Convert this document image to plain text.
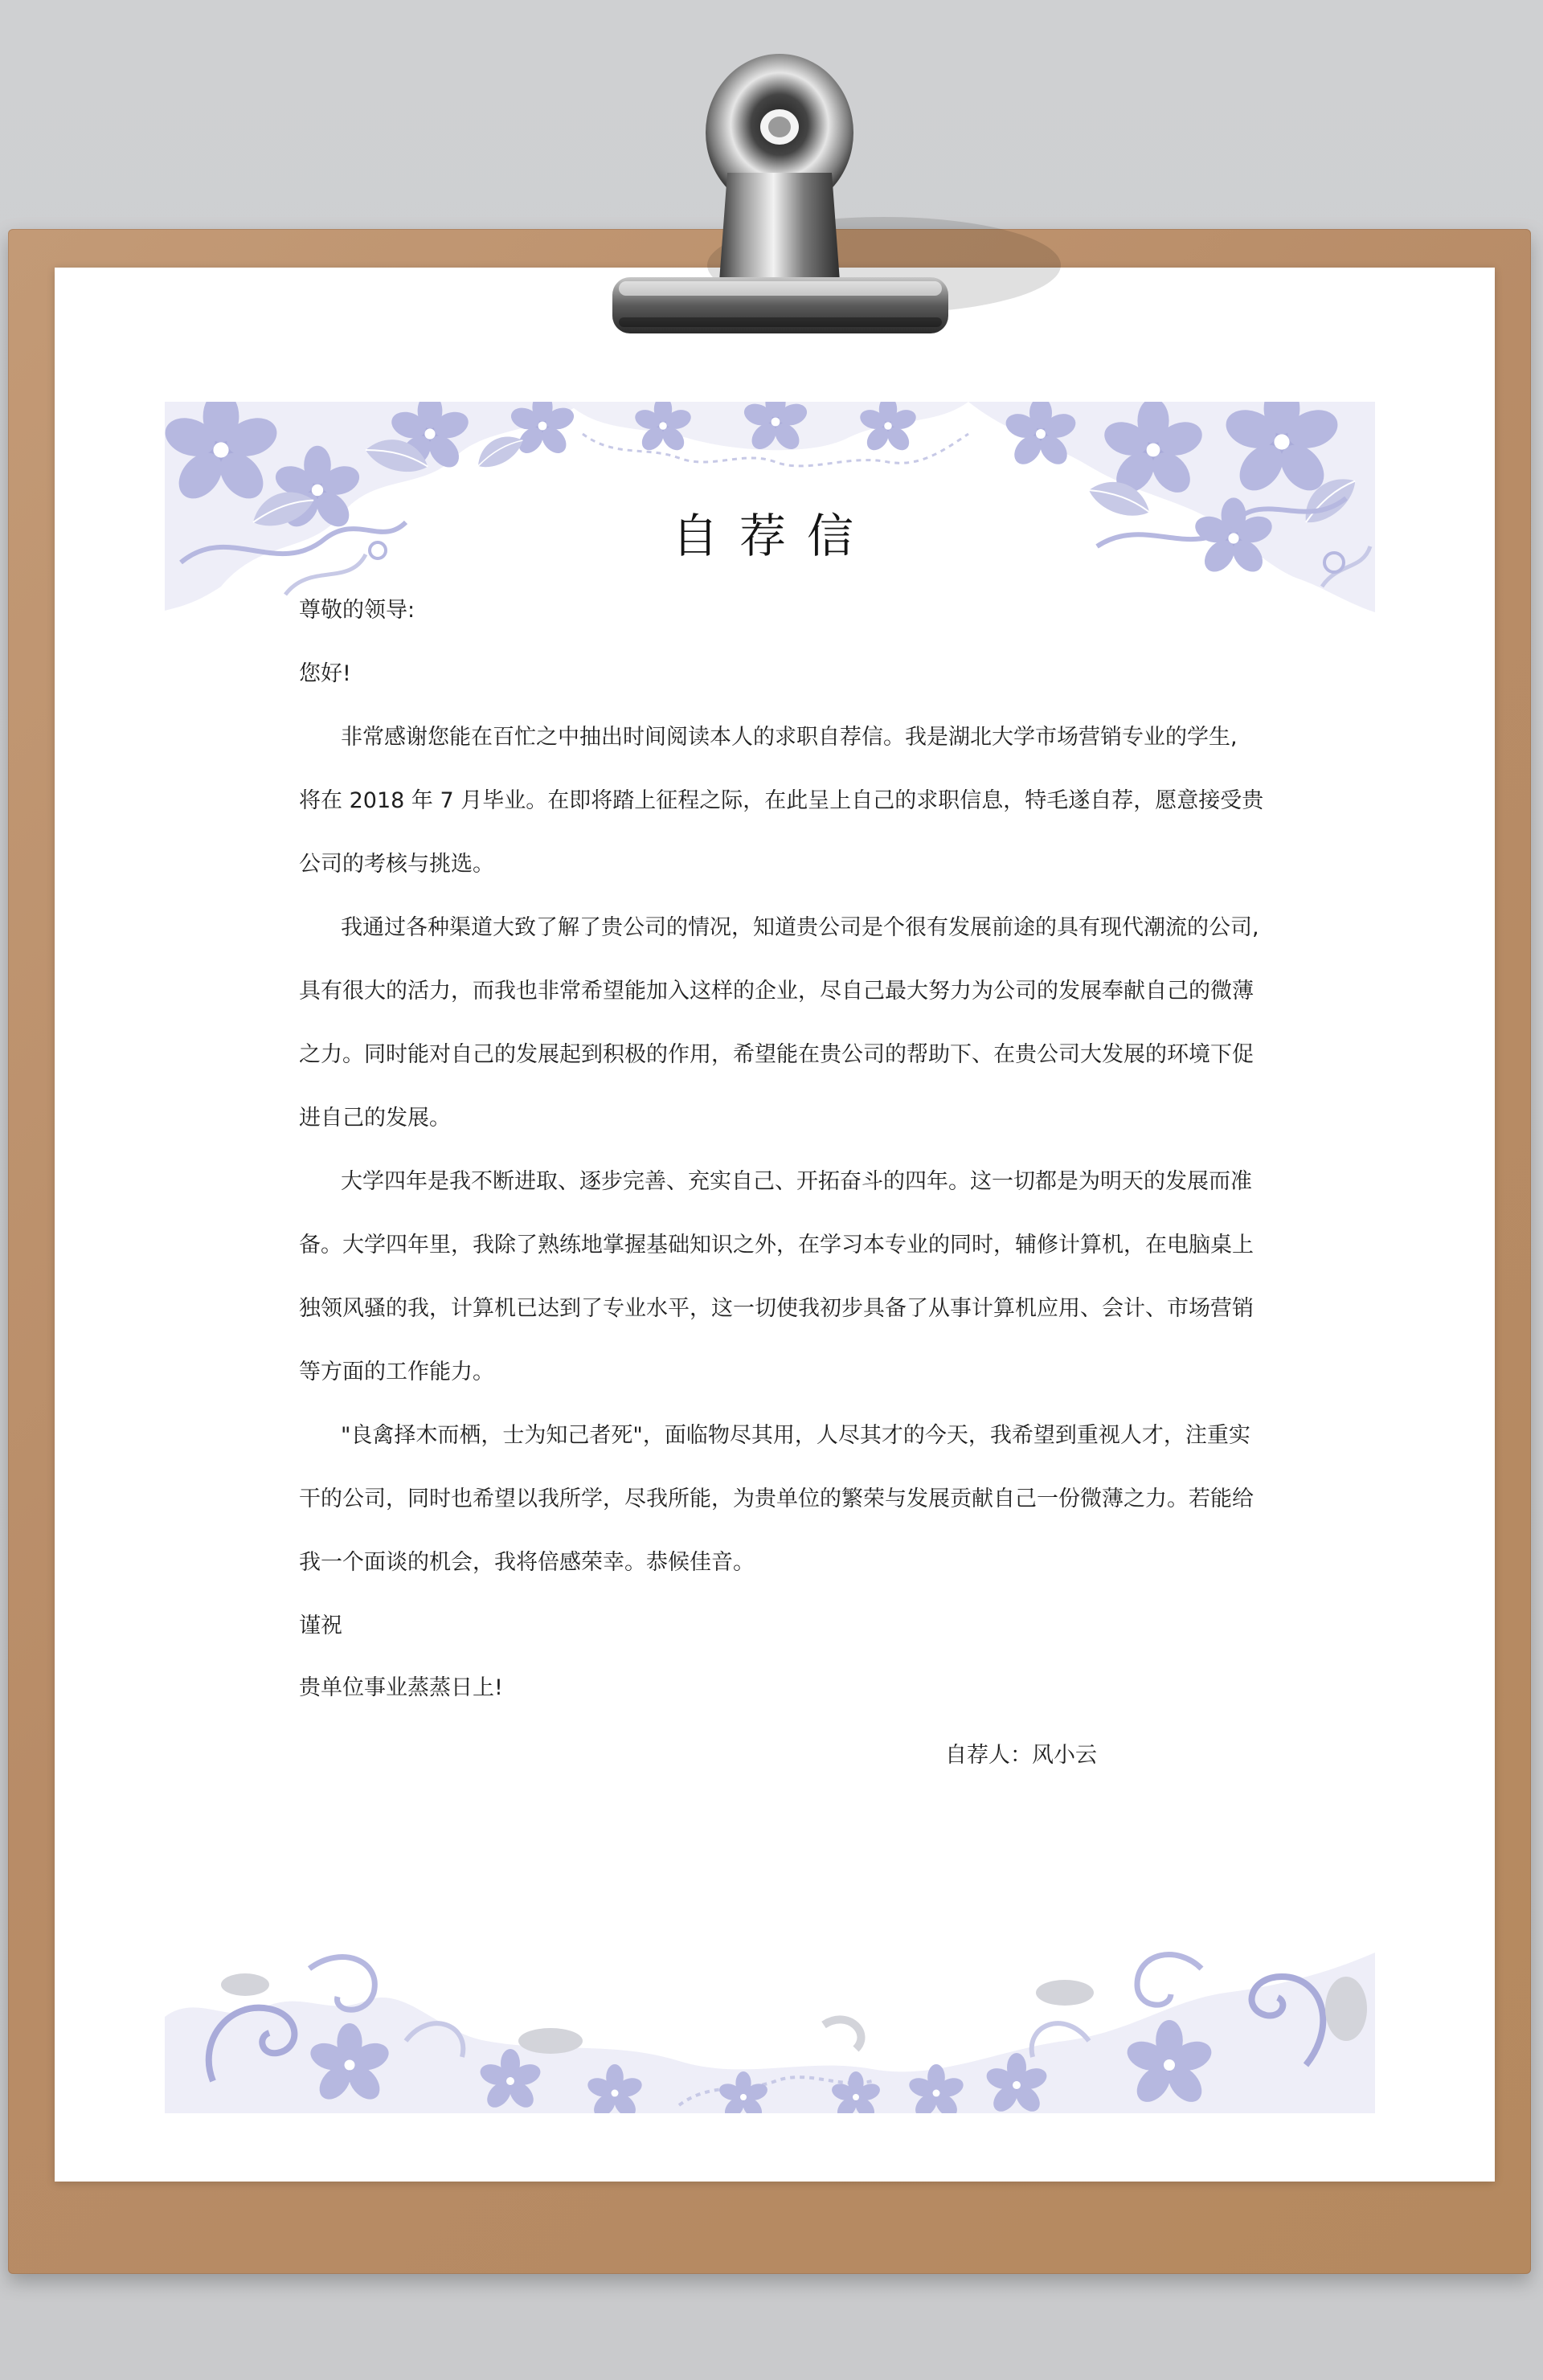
自荐信
尊敬的领导:
您好!
非常感谢您能在百忙之中抽出时间阅读本人的求职自荐信。我是湖北大学市场营销专业的学生,
将在 2018 年 7 月毕业。在即将踏上征程之际，在此呈上自己的求职信息，特毛遂自荐，愿意接受贵
公司的考核与挑选。
我通过各种渠道大致了解了贵公司的情况，知道贵公司是个很有发展前途的具有现代潮流的公司,
具有很大的活力，而我也非常希望能加入这样的企业，尽自己最大努力为公司的发展奉献自己的微薄
之力。同时能对自己的发展起到积极的作用，希望能在贵公司的帮助下、在贵公司大发展的环境下促
进自己的发展。
大学四年是我不断进取、逐步完善、充实自己、开拓奋斗的四年。这一切都是为明天的发展而准
备。大学四年里，我除了熟练地掌握基础知识之外，在学习本专业的同时，辅修计算机，在电脑桌上
独领风骚的我，计算机已达到了专业水平，这一切使我初步具备了从事计算机应用、会计、市场营销
等方面的工作能力。
"良禽择木而栖，士为知己者死"，面临物尽其用，人尽其才的今天，我希望到重视人才，注重实
干的公司，同时也希望以我所学，尽我所能，为贵单位的繁荣与发展贡献自己一份微薄之力。若能给
我一个面谈的机会，我将倍感荣幸。恭候佳音。
谨祝
贵单位事业蒸蒸日上!
自荐人：风小云
